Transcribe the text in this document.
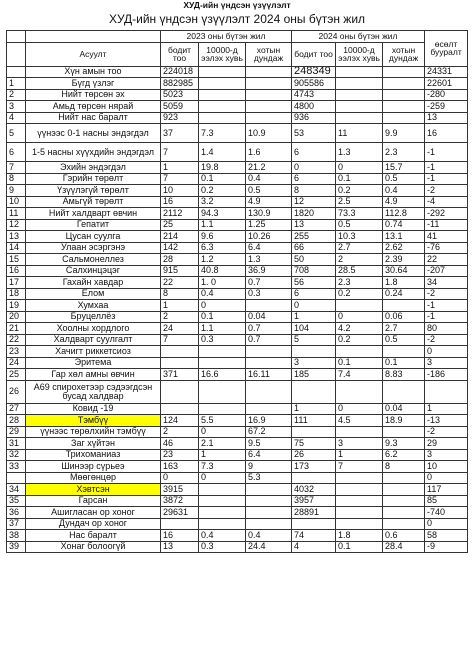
ХУД-ийн үндсэн үзүүлэлт
ХУД-ийн үндсэн үзүүлэлт 2024 оны бүтэн жил
		2023 оны бүтэн жил			2024 оны бүтэн жил			өсөлт бууралт
	Асуулт	бодит тоо	10000-д ээлэх хувь	хотын дундаж	бодит тоо	10000-д ээлэх хувь	хотын дундаж	
	Хүн амын тоо	224018			248349			24331
1	Бүгд үзлэг	882985			905586			22601
2	Нийт төрсөн эх	5023			4743			-280
3	Амьд төрсөн нярай	5059			4800			-259
4	Нийт нас баралт	923			936			13
5	үүнээс 0-1 насны эндэгдэл	37	7.3	10.9	53	11	9.9	16
6	1-5 насны хүүхдийн эндэгдэл	7	1.4	1.6	6	1.3	2.3	-1
7	Эхийн эндэгдэл	1	19.8	21.2	0	0	15.7	-1
8	Гэрийн төрөлт	7	0.1	0.4	6	0.1	0.5	-1
9	Үзүүлэгүй төрөлт	10	0.2	0.5	8	0.2	0.4	-2
10	Амьгүй төрөлт	16	3.2	4.9	12	2.5	4.9	-4
11	Нийт халдварт өвчин	2112	94.3	130.9	1820	73.3	112.8	-292
12	Гепатит	25	1.1	1.25	13	0.5	0.74	-11
13	Цусан суулга	214	9.6	10.26	255	10.3	13.1	41
14	Улаан эсэргэнэ	142	6.3	6.4	66	2.7	2.62	-76
15	Сальмонеллез	28	1.2	1.3	50	2	2.39	22
16	Салхинцэцэг	915	40.8	36.9	708	28.5	30.64	-207
17	Гахайн хавдар	22	1. 0	0.7	56	2.3	1.8	34
18	Ёлом	8	0.4	0.3	6	0.2	0.24	-2
19	Хумхаа	1	0		0			-1
20	Бруцеллёз	2	0.1	0.04	1	0	0.06	-1
21	Хоолны хордлого	24	1.1	0.7	104	4.2	2.7	80
22	Халдварт суулгалт	7	0.3	0.7	5	0.2	0.5	-2
23	Хачигт риккетсиоз							0
24	Эритема				3	0.1	0.1	3
25	Гар хөл амны өвчин	371	16.6	16.11	185	7.4	8.83	-186
26	A69 спирохетээр сэдээгдсэн бусад халдвар							
27	Ковид -19				1	0	0.04	1
28	Тэмбүү	124	5.5	16.9	111	4.5	18.9	-13
29	үүнээс төрөлхийн тэмбүү	2	0	67.2				-2
31	Заг хүйтэн	46	2.1	9.5	75	3	9.3	29
32	Трихоманиаз	23	1	6.4	26	1	6.2	3
33	Шинээр сүрьеэ	163	7.3	9	173	7	8	10
	Мөөгөнцөр	0	0	5.3				0
34	Хэвтсэн	3915			4032			117
35	Гарсан	3872			3957			85
36	Ашигласан ор хоног	29631			28891			-740
37	Дундач ор хоног							0
38	Нас баралт	16	0.4	0.4	74	1.8	0.6	58
39	Хонаг болоогүй	13	0.3	24.4	4	0.1	28.4	-9
